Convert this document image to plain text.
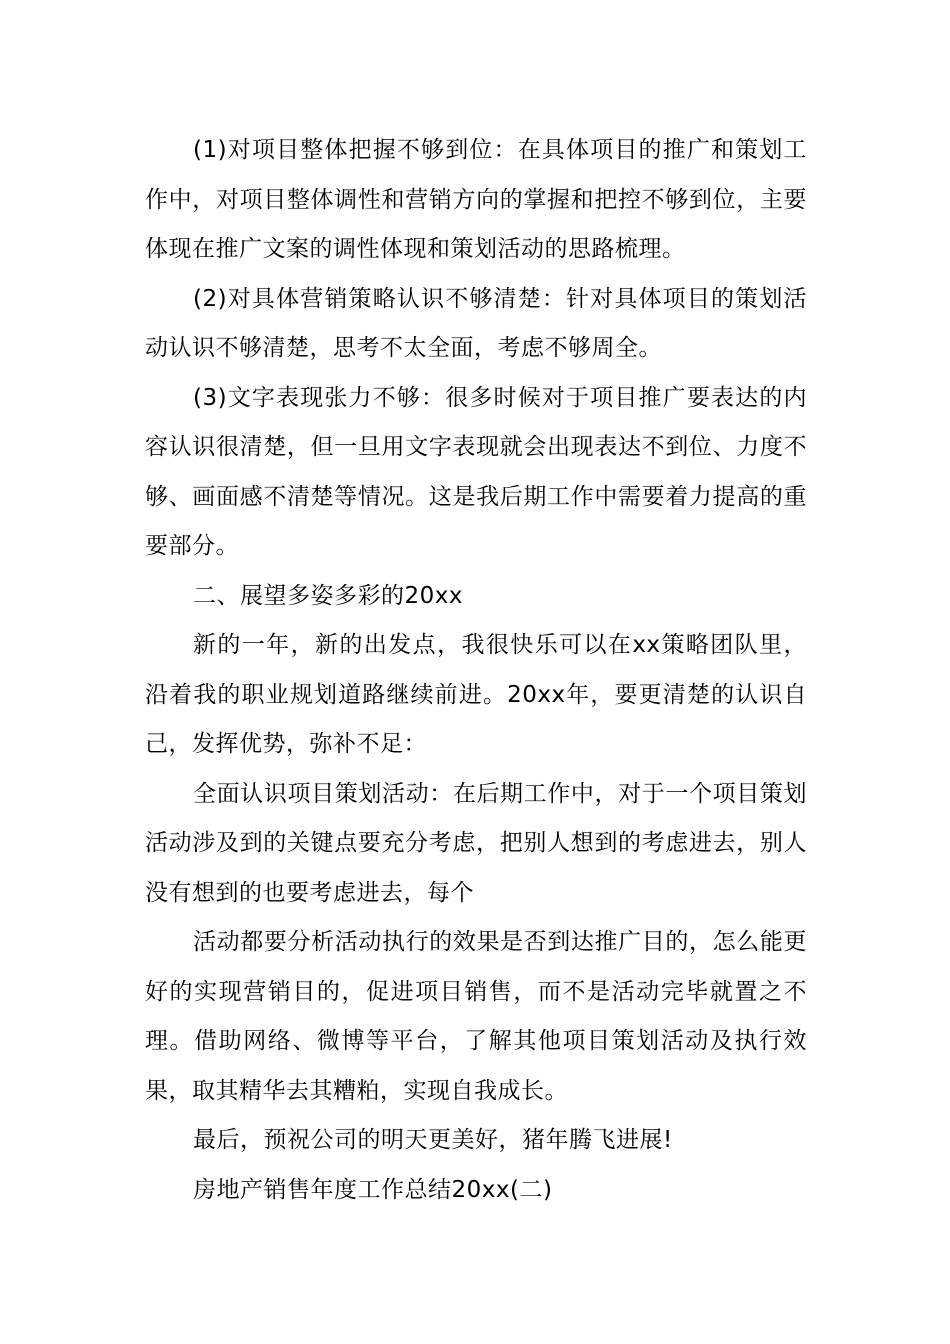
(1)对项目整体把握不够到位：在具体项目的推广和策划工作中，对项目整体调性和营销方向的掌握和把控不够到位，主要体现在推广文案的调性体现和策划活动的思路梳理。

(2)对具体营销策略认识不够清楚：针对具体项目的策划活动认识不够清楚，思考不太全面，考虑不够周全。

(3)文字表现张力不够：很多时候对于项目推广要表达的内容认识很清楚，但一旦用文字表现就会出现表达不到位、力度不够、画面感不清楚等情况。这是我后期工作中需要着力提高的重要部分。

二、展望多姿多彩的20xx

新的一年，新的出发点，我很快乐可以在xx策略团队里，沿着我的职业规划道路继续前进。20xx年，要更清楚的认识自己，发挥优势，弥补不足：

全面认识项目策划活动：在后期工作中，对于一个项目策划活动涉及到的关键点要充分考虑，把别人想到的考虑进去，别人没有想到的也要考虑进去，每个

活动都要分析活动执行的效果是否到达推广目的，怎么能更好的实现营销目的，促进项目销售，而不是活动完毕就置之不理。借助网络、微博等平台，了解其他项目策划活动及执行效果，取其精华去其糟粕，实现自我成长。

最后，预祝公司的明天更美好，猪年腾飞进展!

房地产销售年度工作总结20xx(二)
